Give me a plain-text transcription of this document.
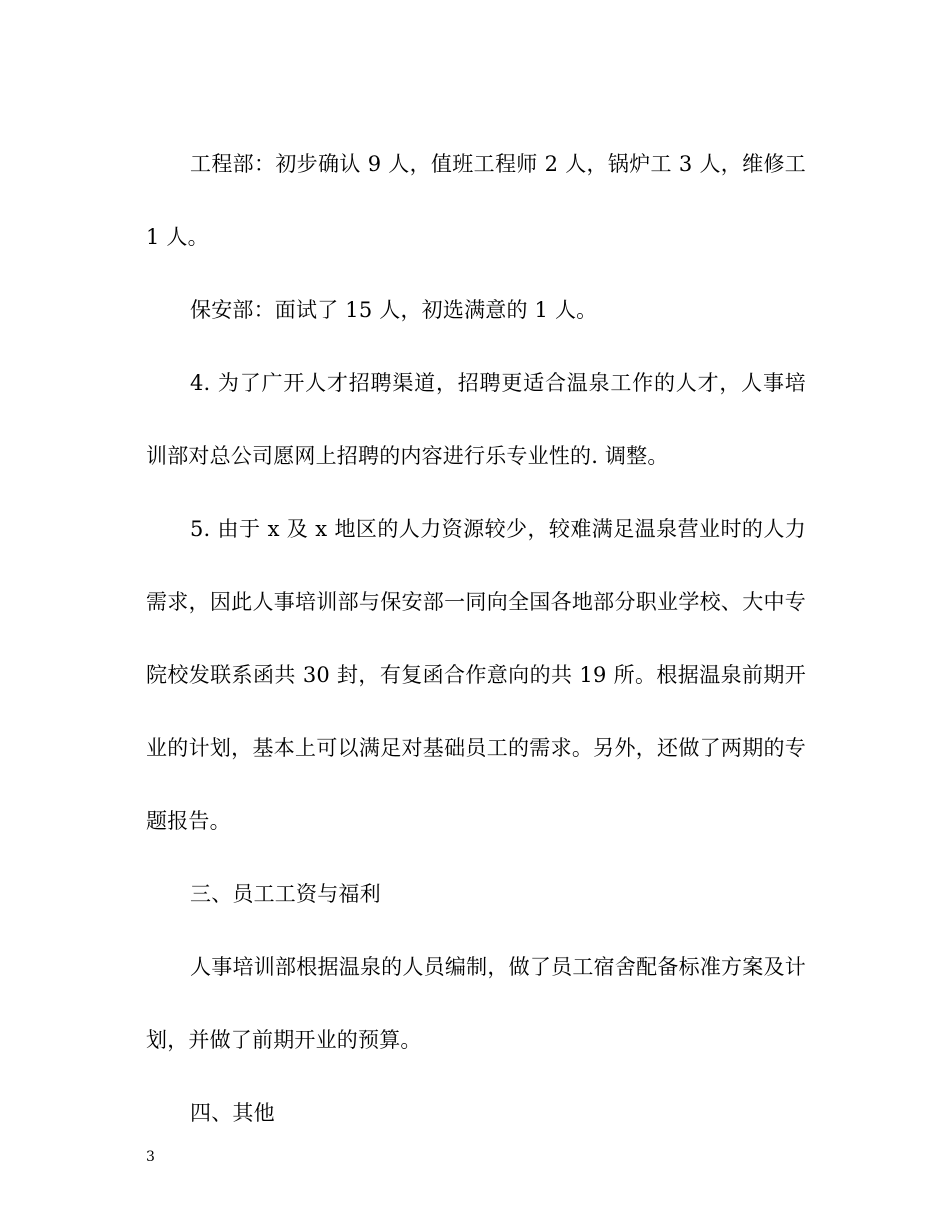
工程部：初步确认 9 人，值班工程师 2 人，锅炉工 3 人，维修工 1 人。

保安部：面试了 15 人，初选满意的 1 人。

4. 为了广开人才招聘渠道，招聘更适合温泉工作的人才，人事培训部对总公司愿网上招聘的内容进行乐专业性的. 调整。

5. 由于 x 及 x 地区的人力资源较少，较难满足温泉营业时的人力需求，因此人事培训部与保安部一同向全国各地部分职业学校、大中专院校发联系函共 30 封，有复函合作意向的共 19 所。根据温泉前期开业的计划，基本上可以满足对基础员工的需求。另外，还做了两期的专题报告。

三、员工工资与福利

人事培训部根据温泉的人员编制，做了员工宿舍配备标准方案及计划，并做了前期开业的预算。

四、其他

3
